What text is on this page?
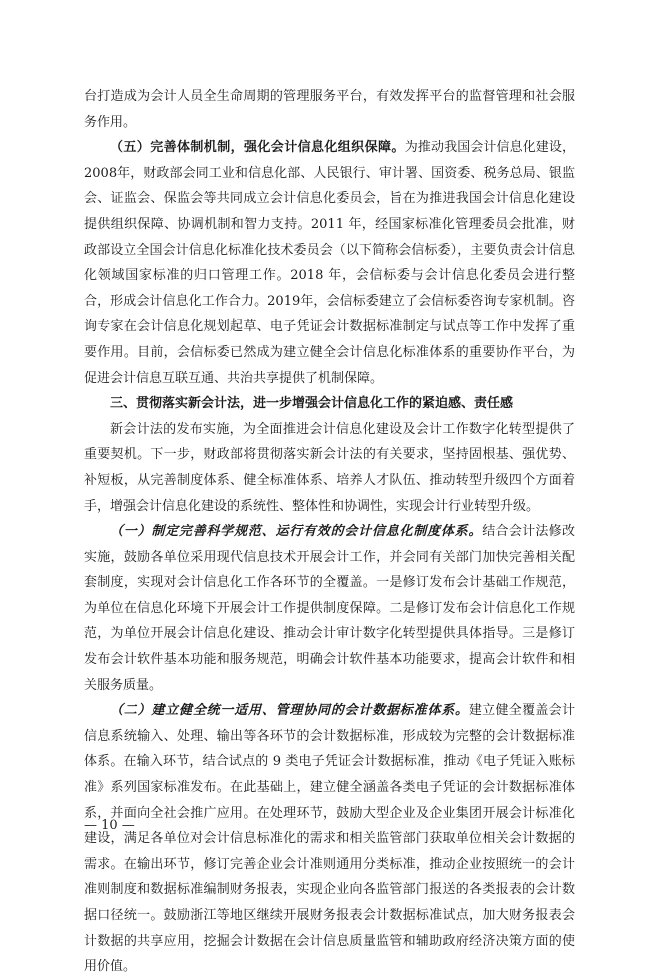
台打造成为会计人员全生命周期的管理服务平台，有效发挥平台的监督管理和社会服务作用。

（五）完善体制机制，强化会计信息化组织保障。为推动我国会计信息化建设，2008年，财政部会同工业和信息化部、人民银行、审计署、国资委、税务总局、银监会、证监会、保监会等共同成立会计信息化委员会，旨在为推进我国会计信息化建设提供组织保障、协调机制和智力支持。2011 年，经国家标准化管理委员会批准，财政部设立全国会计信息化标准化技术委员会（以下简称会信标委），主要负责会计信息化领域国家标准的归口管理工作。2018 年，会信标委与会计信息化委员会进行整合，形成会计信息化工作合力。2019年，会信标委建立了会信标委咨询专家机制。咨询专家在会计信息化规划起草、电子凭证会计数据标准制定与试点等工作中发挥了重要作用。目前，会信标委已然成为建立健全会计信息化标准体系的重要协作平台，为促进会计信息互联互通、共治共享提供了机制保障。

三、贯彻落实新会计法，进一步增强会计信息化工作的紧迫感、责任感

新会计法的发布实施，为全面推进会计信息化建设及会计工作数字化转型提供了重要契机。下一步，财政部将贯彻落实新会计法的有关要求，坚持固根基、强优势、补短板，从完善制度体系、健全标准体系、培养人才队伍、推动转型升级四个方面着手，增强会计信息化建设的系统性、整体性和协调性，实现会计行业转型升级。

（一）制定完善科学规范、运行有效的会计信息化制度体系。结合会计法修改实施，鼓励各单位采用现代信息技术开展会计工作，并会同有关部门加快完善相关配套制度，实现对会计信息化工作各环节的全覆盖。一是修订发布会计基础工作规范，为单位在信息化环境下开展会计工作提供制度保障。二是修订发布会计信息化工作规范，为单位开展会计信息化建设、推动会计审计数字化转型提供具体指导。三是修订发布会计软件基本功能和服务规范，明确会计软件基本功能要求，提高会计软件和相关服务质量。

（二）建立健全统一适用、管理协同的会计数据标准体系。建立健全覆盖会计信息系统输入、处理、输出等各环节的会计数据标准，形成较为完整的会计数据标准体系。在输入环节，结合试点的 9 类电子凭证会计数据标准，推动《电子凭证入账标准》系列国家标准发布。在此基础上，建立健全涵盖各类电子凭证的会计数据标准体系，并面向全社会推广应用。在处理环节，鼓励大型企业及企业集团开展会计标准化建设，满足各单位对会计信息标准化的需求和相关监管部门获取单位相关会计数据的需求。在输出环节，修订完善企业会计准则通用分类标准，推动企业按照统一的会计准则制度和数据标准编制财务报表，实现企业向各监管部门报送的各类报表的会计数据口径统一。鼓励浙江等地区继续开展财务报表会计数据标准试点，加大财务报表会计数据的共享应用，挖掘会计数据在会计信息质量监管和辅助政府经济决策方面的使用价值。

— 10 —
